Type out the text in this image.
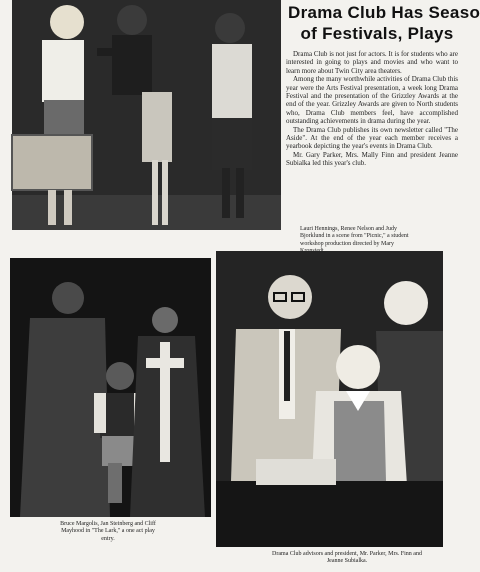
Drama Club Has Seaso
of Festivals, Plays

Drama Club is not just for actors. It is for students who are interested in going to plays and movies and who want to learn more about Twin City area theaters.

Among the many worthwhile activities of Drama Club this year were the Arts Festival presentation, a week long Drama Festival and the presentation of the Grizzley Awards at the end of the year. Grizzley Awards are given to North students who, Drama Club members feel, have accomplished outstanding achievements in drama during the year.

The Drama Club publishes its own newsletter called "The Aside". At the end of the year each member receives a yearbook depicting the year's events in Drama Club.

Mr. Gary Parker, Mrs. Mally Finn and president Jeanne Subialka led this year's club.

Lauri Hennings, Renee Nelson and Judy Bjorklund in a scene from "Picnic," a student workshop production directed by Mary
Bruce Margolis, Jan Steinberg and Cliff Mayhood in "The Lark," a one act play entry.
Drama Club advisors and president, Mr. Parker, Mrs. Finn and Jeanne Subialka.
